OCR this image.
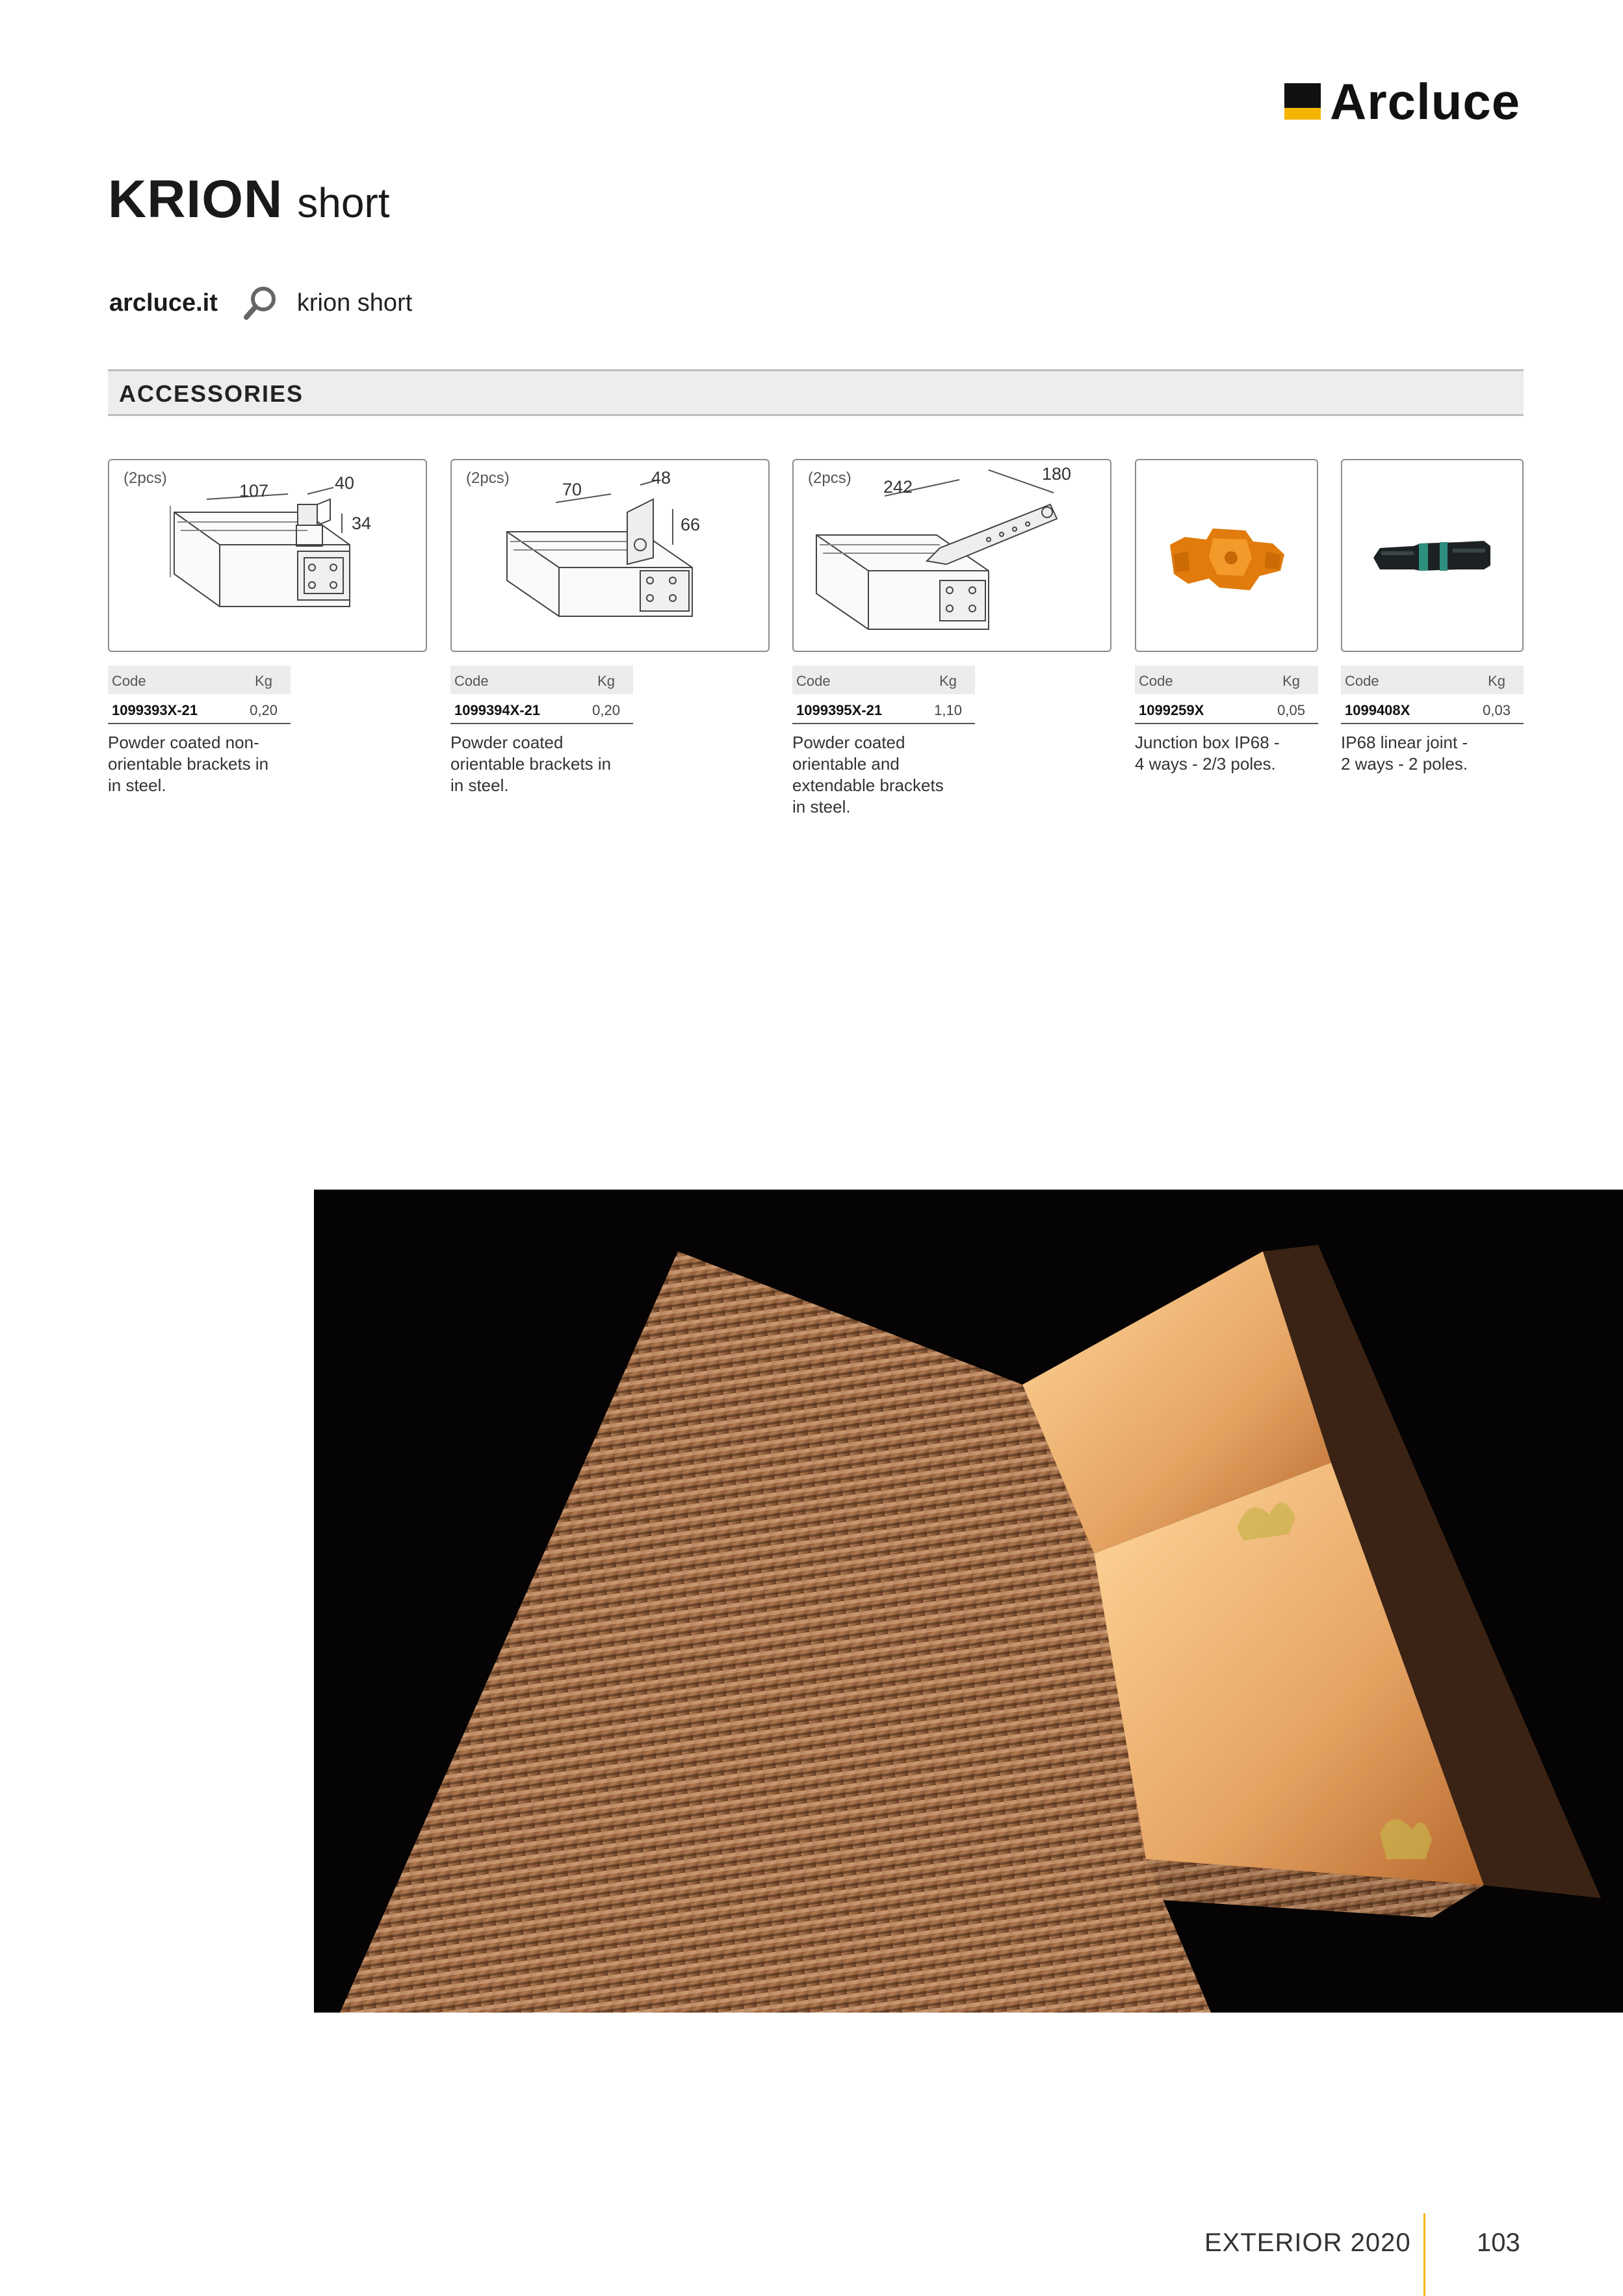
Arcluce
KRION short
arcluce.it	krion short
ACCESSORIES
(2pcs)
107	40
34
(2pcs)
70
48
66
(2pcs) 242
180
Code	Kg
1099393X-21	0,20
Powder coated non-
orientable brackets in
in steel.
Code	Kg
1099394X-21	0,20
Powder coated
orientable brackets in
in steel.
Code	Kg
1099395X-21	1,10
Powder coated
orientable and
extendable brackets
in steel.
Code	Kg
1099259X	0,05
Junction box IP68 -
4 ways - 2/3 poles.
Code	Kg
1099408X	0,03
IP68 linear joint -
2 ways - 2 poles.
EXTERIOR 2020	103
